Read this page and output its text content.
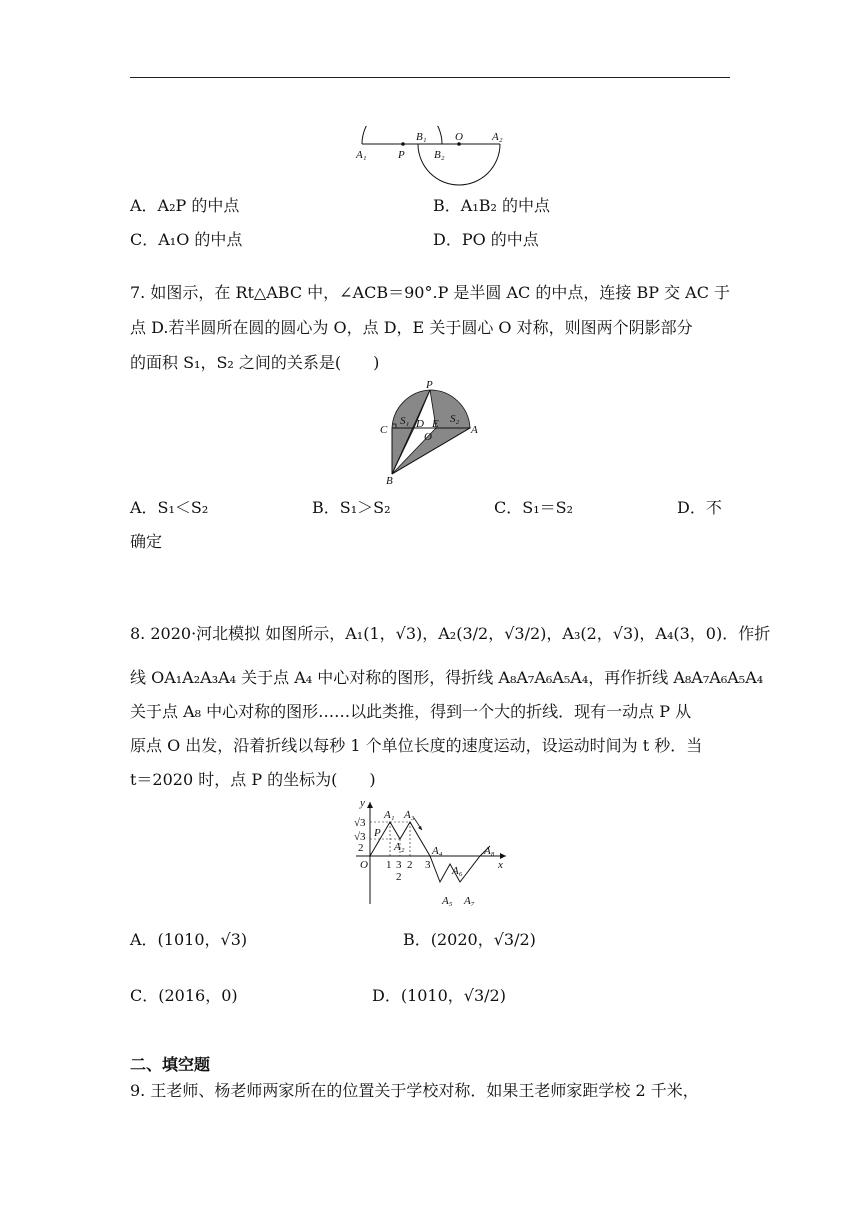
A₁	P
B₁
B₂
O	A₂
A．A₂P 的中点	B．A₁B₂ 的中点
C．A₁O 的中点	D．PO 的中点
7. 如图示，在 Rt△ABC 中，∠ACB＝90°.P 是半圆 AC 的中点，连接 BP 交 AC 于
点 D.若半圆所在圆的圆心为 O，点 D，E 关于圆心 O 对称，则图两个阴影部分
的面积 S₁，S₂ 之间的关系是(　　)
P
S₁	S₂
C	D E
O
A
B
A．S₁＜S₂	B．S₁＞S₂	C．S₁＝S₂	D．不
确定
8. 2020·河北模拟 如图所示，A₁(1，√3)，A₂(3/2，√3/2)，A₃(2，√3)，A₄(3，0)．作折
线 OA₁A₂A₃A₄ 关于点 A₄ 中心对称的图形，得折线 A₈A₇A₆A₅A₄，再作折线 A₈A₇A₆A₅A₄
关于点 A₈ 中心对称的图形……以此类推，得到一个大的折线．现有一动点 P 从
原点 O 出发，沿着折线以每秒 1 个单位长度的速度运动，设运动时间为 t 秒．当
t＝2020 时，点 P 的坐标为(　　)
y
√3
√3
2
P
A₁
A₂
A₃
O 1 3
2
2 3
A₄
A₆
A₈
x
A₅ A₇
A．(1010，√3)	B．(2020，√3/2)
C．(2016，0)	D．(1010，√3/2)
二、填空题
9. 王老师、杨老师两家所在的位置关于学校对称．如果王老师家距学校 2 千米，
